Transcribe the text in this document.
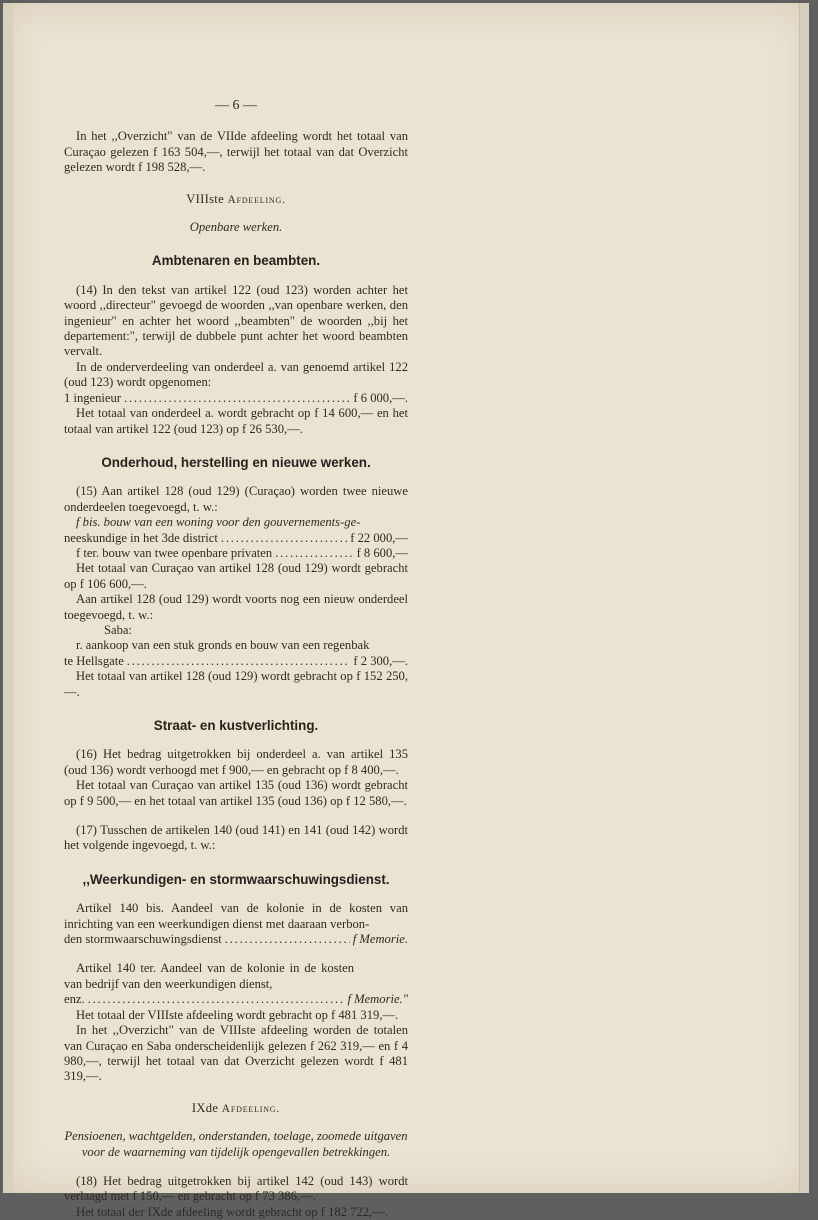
— 6 —

In het ,,Overzicht" van de VIIde afdeeling wordt het totaal van Curaçao gelezen f 163 504,—, terwijl het totaal van dat Overzicht gelezen wordt f 198 528,—.

VIIIste Afdeeling.
Openbare werken.
Ambtenaren en beambten.

(14) In den tekst van artikel 122 (oud 123) worden achter het woord ,,directeur" gevoegd de woorden ,,van openbare werken, den ingenieur" en achter het woord ,,beambten" de woorden ,,bij het departement:", terwijl de dubbele punt achter het woord beambten vervalt.

In de onderverdeeling van onderdeel a. van genoemd artikel 122 (oud 123) wordt opgenomen:

1 ingenieur .....	f 6 000,—.

Het totaal van onderdeel a. wordt gebracht op f 14 600,— en het totaal van artikel 122 (oud 123) op f 26 530,—.

Onderhoud, herstelling en nieuwe werken.

(15) Aan artikel 128 (oud 129) (Curaçao) worden twee nieuwe onderdeelen toegevoegd, t. w.:

f bis. bouw van een woning voor den gouvernements-ge-

neeskundige in het 3de district .....	f 22 000,—
f ter. bouw van twee openbare privaten .....	f 8 600,—

Het totaal van Curaçao van artikel 128 (oud 129) wordt gebracht op f 106 600,—.

Aan artikel 128 (oud 129) wordt voorts nog een nieuw onderdeel toegevoegd, t. w.:

Saba:

r. aankoop van een stuk gronds en bouw van een regenbak

te Hellsgate .....	f 2 300,—.

Het totaal van artikel 128 (oud 129) wordt gebracht op f 152 250,—.

Straat- en kustverlichting.

(16) Het bedrag uitgetrokken bij onderdeel a. van artikel 135 (oud 136) wordt verhoogd met f 900,— en gebracht op f 8 400,—.

Het totaal van Curaçao van artikel 135 (oud 136) wordt gebracht op f 9 500,— en het totaal van artikel 135 (oud 136) op f 12 580,—.

(17) Tusschen de artikelen 140 (oud 141) en 141 (oud 142) wordt het volgende ingevoegd, t. w.:

,,Weerkundigen- en stormwaarschuwingsdienst.

Artikel 140 bis. Aandeel van de kolonie in de kosten van inrichting van een weerkundigen dienst met daaraan verbon-

den stormwaarschuwingsdienst .....	f Memorie.

Artikel 140 ter. Aandeel van de kolonie in de kosten van bedrijf van den weerkundigen dienst,

enz. .....	f Memorie."

Het totaal der VIIIste afdeeling wordt gebracht op f 481 319,—.

In het ,,Overzicht" van de VIIIste afdeeling worden de totalen van Curaçao en Saba onderscheidenlijk gelezen f 262 319,— en f 4 980,—, terwijl het totaal van dat Overzicht gelezen wordt f 481 319,—.

IXde Afdeeling.
Pensioenen, wachtgelden, onderstanden, toelage, zoomede uitgaven voor de waarneming van tijdelijk opengevallen betrekkingen.

(18) Het bedrag uitgetrokken bij artikel 142 (oud 143) wordt verlaagd met f 150,— en gebracht op f 73 386,—.

Het totaal der IXde afdeeling wordt gebracht op f 182 722,—.
